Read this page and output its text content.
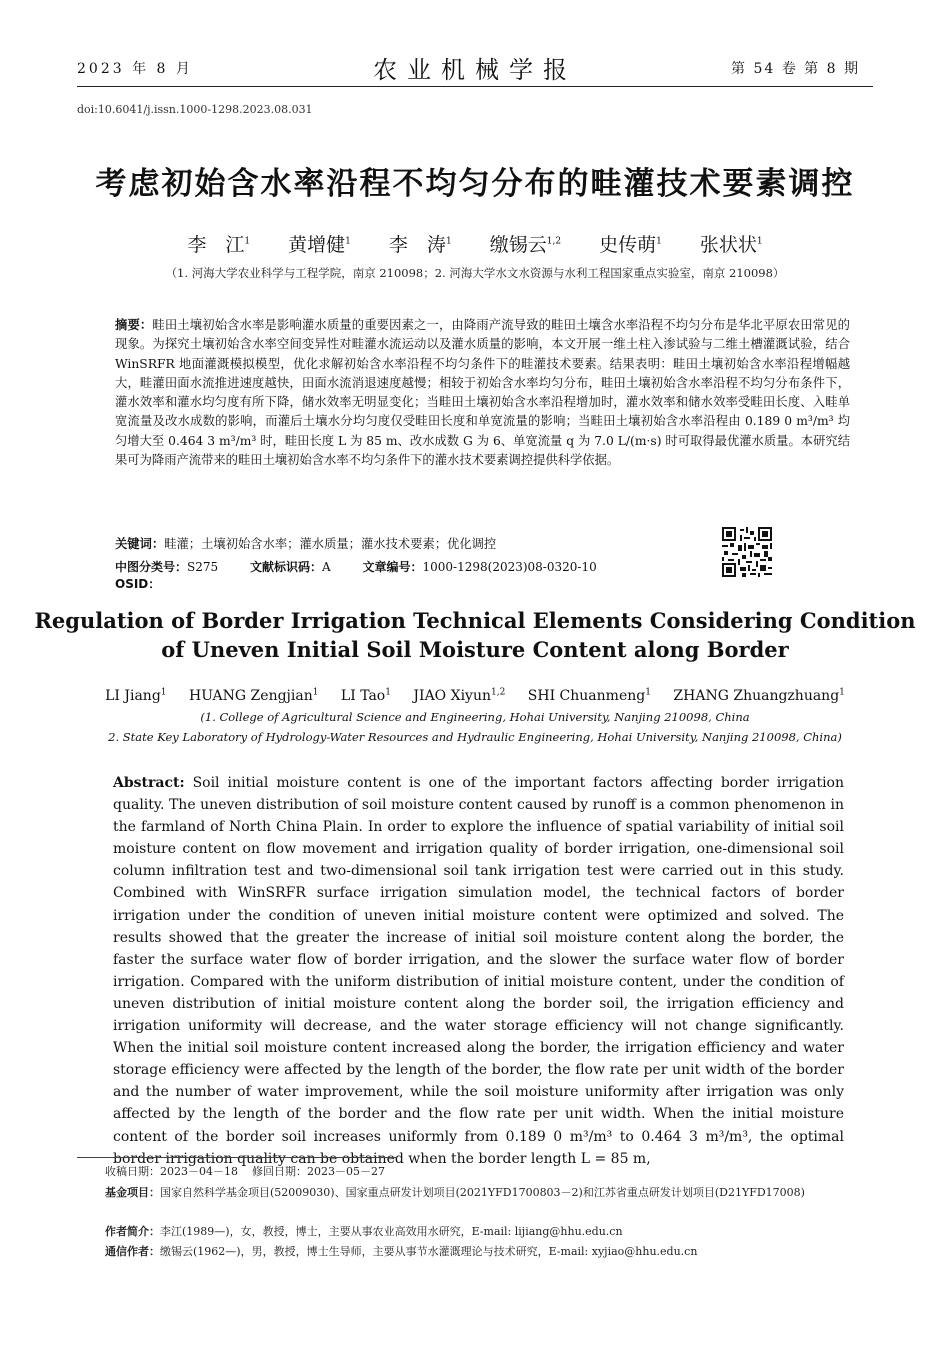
2023 年 8 月	农业机械学报	第 54 卷 第 8 期
doi:10.6041/j.issn.1000-1298.2023.08.031
考虑初始含水率沿程不均匀分布的畦灌技术要素调控
李　江$^1$ 黄增健$^1$ 李　涛$^1$ 缴锡云$^{1,2}$ 史传萌$^1$ 张状状$^1$
（1. 河海大学农业科学与工程学院，南京 210098；2. 河海大学水文水资源与水利工程国家重点实验室，南京 210098）
摘要：畦田土壤初始含水率是影响灌水质量的重要因素之一，由降雨产流导致的畦田土壤含水率沿程不均匀分布是华北平原农田常见的现象。为探究土壤初始含水率空间变异性对畦灌水流运动以及灌水质量的影响，本文开展一维土柱入渗试验与二维土槽灌溉试验，结合 WinSRFR 地面灌溉模拟模型，优化求解初始含水率沿程不均匀条件下的畦灌技术要素。结果表明：畦田土壤初始含水率沿程增幅越大，畦灌田面水流推进速度越快，田面水流消退速度越慢；相较于初始含水率均匀分布，畦田土壤初始含水率沿程不均匀分布条件下，灌水效率和灌水均匀度有所下降，储水效率无明显变化；当畦田土壤初始含水率沿程增加时，灌水效率和储水效率受畦田长度、入畦单宽流量及改水成数的影响，而灌后土壤水分均匀度仅受畦田长度和单宽流量的影响；当畦田土壤初始含水率沿程由 0.189 0 m³/m³ 均匀增大至 0.464 3 m³/m³ 时，畦田长度 L 为 85 m、改水成数 G 为 6、单宽流量 q 为 7.0 L/(m·s) 时可取得最优灌水质量。本研究结果可为降雨产流带来的畦田土壤初始含水率不均匀条件下的灌水技术要素调控提供科学依据。
关键词：畦灌；土壤初始含水率；灌水质量；灌水技术要素；优化调控
中图分类号：S275	文献标识码：A	文章编号：1000-1298(2023)08-0320-10 OSID：
Regulation of Border Irrigation Technical Elements Considering Condition
of Uneven Initial Soil Moisture Content along Border
LI Jiang$^1$ HUANG Zengjian$^1$ LI Tao$^1$ JIAO Xiyun$^{1,2}$ SHI Chuanmeng$^1$ ZHANG Zhuangzhuang$^1$
(1. College of Agricultural Science and Engineering, Hohai University, Nanjing 210098, China
2. State Key Laboratory of Hydrology-Water Resources and Hydraulic Engineering, Hohai University, Nanjing 210098, China)
Abstract: Soil initial moisture content is one of the important factors affecting border irrigation quality. The uneven distribution of soil moisture content caused by runoff is a common phenomenon in the farmland of North China Plain. In order to explore the influence of spatial variability of initial soil moisture content on flow movement and irrigation quality of border irrigation, one-dimensional soil column infiltration test and two-dimensional soil tank irrigation test were carried out in this study. Combined with WinSRFR surface irrigation simulation model, the technical factors of border irrigation under the condition of uneven initial moisture content were optimized and solved. The results showed that the greater the increase of initial soil moisture content along the border, the faster the surface water flow of border irrigation, and the slower the surface water flow of border irrigation. Compared with the uniform distribution of initial moisture content, under the condition of uneven distribution of initial moisture content along the border soil, the irrigation efficiency and irrigation uniformity will decrease, and the water storage efficiency will not change significantly. When the initial soil moisture content increased along the border, the irrigation efficiency and water storage efficiency were affected by the length of the border, the flow rate per unit width of the border and the number of water improvement, while the soil moisture uniformity after irrigation was only affected by the length of the border and the flow rate per unit width. When the initial moisture content of the border soil increases uniformly from 0.189 0 m³/m³ to 0.464 3 m³/m³, the optimal border irrigation quality can be obtained when the border length L = 85 m,
收稿日期：2023－04－18 修回日期：2023－05－27
基金项目：国家自然科学基金项目(52009030)、国家重点研发计划项目(2021YFD1700803－2)和江苏省重点研发计划项目(D21YFD17008)
作者简介：李江(1989—)，女，教授，博士，主要从事农业高效用水研究，E-mail: lijiang@hhu.edu.cn
通信作者：缴锡云(1962—)，男，教授，博士生导师，主要从事节水灌溉理论与技术研究，E-mail: xyjiao@hhu.edu.cn
